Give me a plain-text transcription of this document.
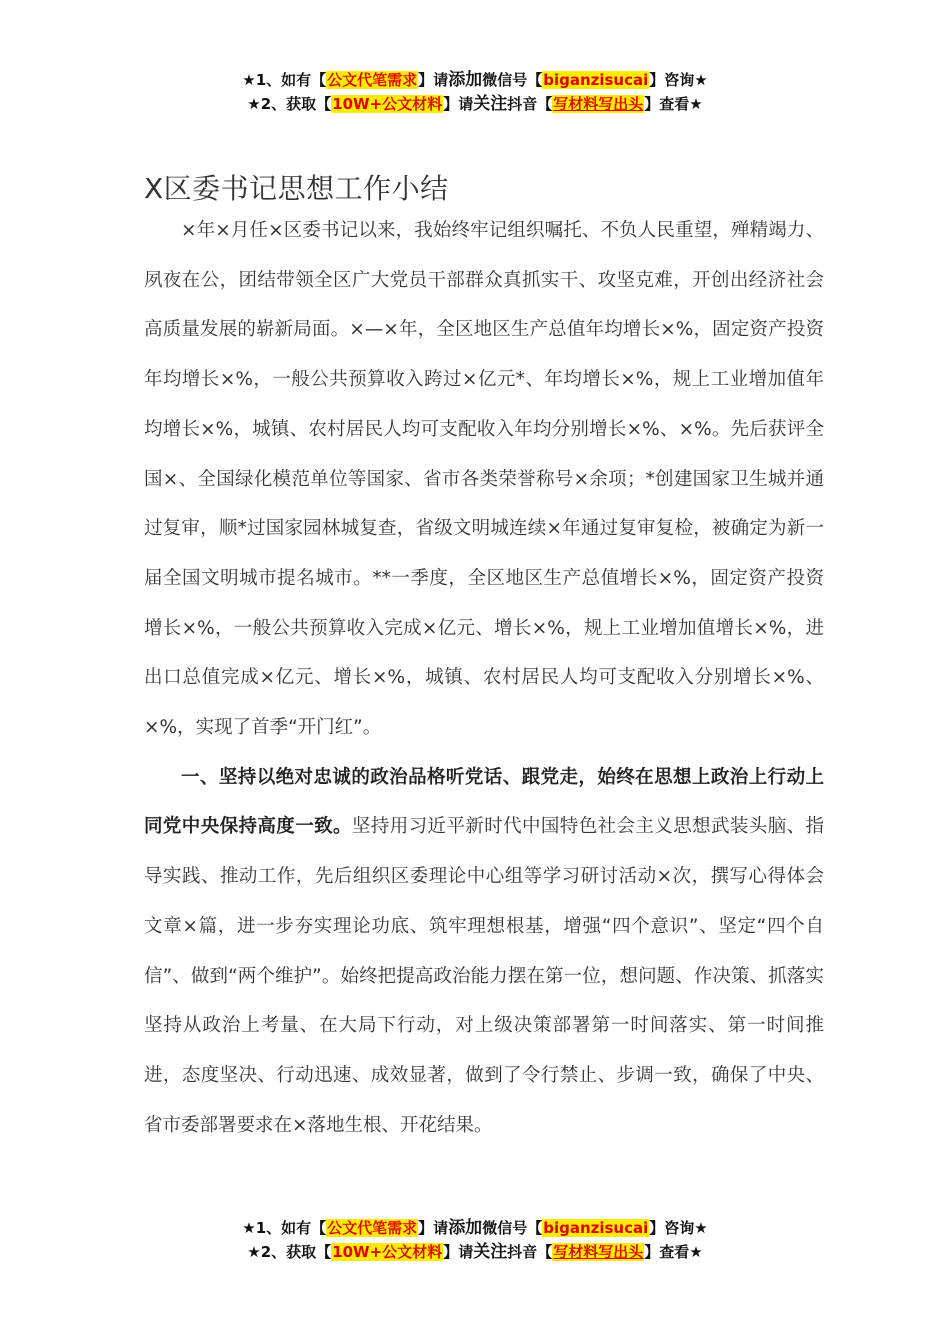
★1、如有【公文代笔需求】请添加微信号【biganzisucai】咨询★
★2、获取【10W+公文材料】请关注抖音【写材料写出头】查看★
X区委书记思想工作小结

×年×月任×区委书记以来，我始终牢记组织嘱托、不负人民重望，殚精竭力、夙夜在公，团结带领全区广大党员干部群众真抓实干、攻坚克难，开创出经济社会高质量发展的崭新局面。×—×年，全区地区生产总值年均增长×%，固定资产投资年均增长×%，一般公共预算收入跨过×亿元*、年均增长×%，规上工业增加值年均增长×%，城镇、农村居民人均可支配收入年均分别增长×%、×%。先后获评全国×、全国绿化模范单位等国家、省市各类荣誉称号×余项；*创建国家卫生城并通过复审，顺*过国家园林城复查，省级文明城连续×年通过复审复检，被确定为新一届全国文明城市提名城市。**一季度，全区地区生产总值增长×%，固定资产投资增长×%，一般公共预算收入完成×亿元、增长×%，规上工业增加值增长×%，进出口总值完成×亿元、增长×%，城镇、农村居民人均可支配收入分别增长×%、×%，实现了首季“开门红”。

一、坚持以绝对忠诚的政治品格听党话、跟党走，始终在思想上政治上行动上同党中央保持高度一致。坚持用习近平新时代中国特色社会主义思想武装头脑、指导实践、推动工作，先后组织区委理论中心组等学习研讨活动×次，撰写心得体会文章×篇，进一步夯实理论功底、筑牢理想根基，增强“四个意识”、坚定“四个自信”、做到“两个维护”。始终把提高政治能力摆在第一位，想问题、作决策、抓落实坚持从政治上考量、在大局下行动，对上级决策部署第一时间落实、第一时间推进，态度坚决、行动迅速、成效显著，做到了令行禁止、步调一致，确保了中央、省市委部署要求在×落地生根、开花结果。

★1、如有【公文代笔需求】请添加微信号【biganzisucai】咨询★
★2、获取【10W+公文材料】请关注抖音【写材料写出头】查看★
